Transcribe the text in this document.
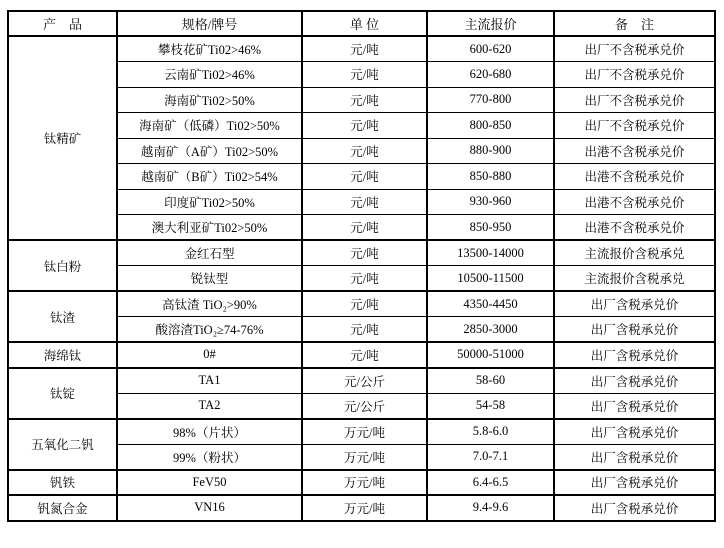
产　品	规格/牌号	单 位	主流报价	备　注
钛精矿	攀枝花矿Ti02>46%	元/吨	600-620	出厂不含税承兑价
	云南矿Ti02>46%	元/吨	620-680	出厂不含税承兑价
	海南矿Ti02>50%	元/吨	770-800	出厂不含税承兑价
	海南矿（低磷）Ti02>50%	元/吨	800-850	出厂不含税承兑价
	越南矿（A矿）Ti02>50%	元/吨	880-900	出港不含税承兑价
	越南矿（B矿）Ti02>54%	元/吨	850-880	出港不含税承兑价
	印度矿Ti02>50%	元/吨	930-960	出港不含税承兑价
	澳大利亚矿Ti02>50%	元/吨	850-950	出港不含税承兑价
钛白粉	金红石型	元/吨	13500-14000	主流报价含税承兑
	锐钛型	元/吨	10500-11500	主流报价含税承兑
钛渣	高钛渣 TiO₂>90%	元/吨	4350-4450	出厂含税承兑价
	酸溶渣TiO₂≥74-76%	元/吨	2850-3000	出厂含税承兑价
海绵钛	0#	元/吨	50000-51000	出厂含税承兑价
钛锭	TA1	元/公斤	58-60	出厂含税承兑价
	TA2	元/公斤	54-58	出厂含税承兑价
五氧化二钒	98%（片状）	万元/吨	5.8-6.0	出厂含税承兑价
	99%（粉状）	万元/吨	7.0-7.1	出厂含税承兑价
钒铁	FeV50	万元/吨	6.4-6.5	出厂含税承兑价
钒氮合金	VN16	万元/吨	9.4-9.6	出厂含税承兑价
